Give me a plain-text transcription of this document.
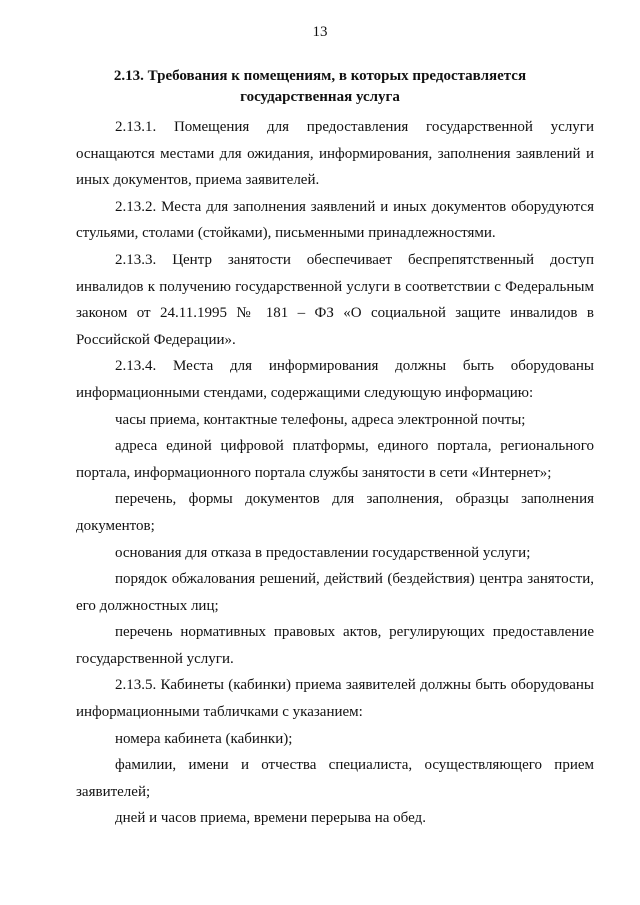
13
2.13. Требования к помещениям, в которых предоставляется
государственная услуга

2.13.1. Помещения для предоставления государственной услуги оснащаются местами для ожидания, информирования, заполнения заявлений и иных документов, приема заявителей.

2.13.2. Места для заполнения заявлений и иных документов оборудуются стульями, столами (стойками), письменными принадлежностями.

2.13.3. Центр занятости обеспечивает беспрепятственный доступ инвалидов к получению государственной услуги в соответствии с Федеральным законом от 24.11.1995 № 181 – ФЗ «О социальной защите инвалидов в Российской Федерации».

2.13.4. Места для информирования должны быть оборудованы информационными стендами, содержащими следующую информацию:

часы приема, контактные телефоны, адреса электронной почты;

адреса единой цифровой платформы, единого портала, регионального портала, информационного портала службы занятости в сети «Интернет»;

перечень, формы документов для заполнения, образцы заполнения документов;

основания для отказа в предоставлении государственной услуги;

порядок обжалования решений, действий (бездействия) центра занятости, его должностных лиц;

перечень нормативных правовых актов, регулирующих предоставление государственной услуги.

2.13.5. Кабинеты (кабинки) приема заявителей должны быть оборудованы информационными табличками с указанием:

номера кабинета (кабинки);

фамилии, имени и отчества специалиста, осуществляющего прием заявителей;

дней и часов приема, времени перерыва на обед.
